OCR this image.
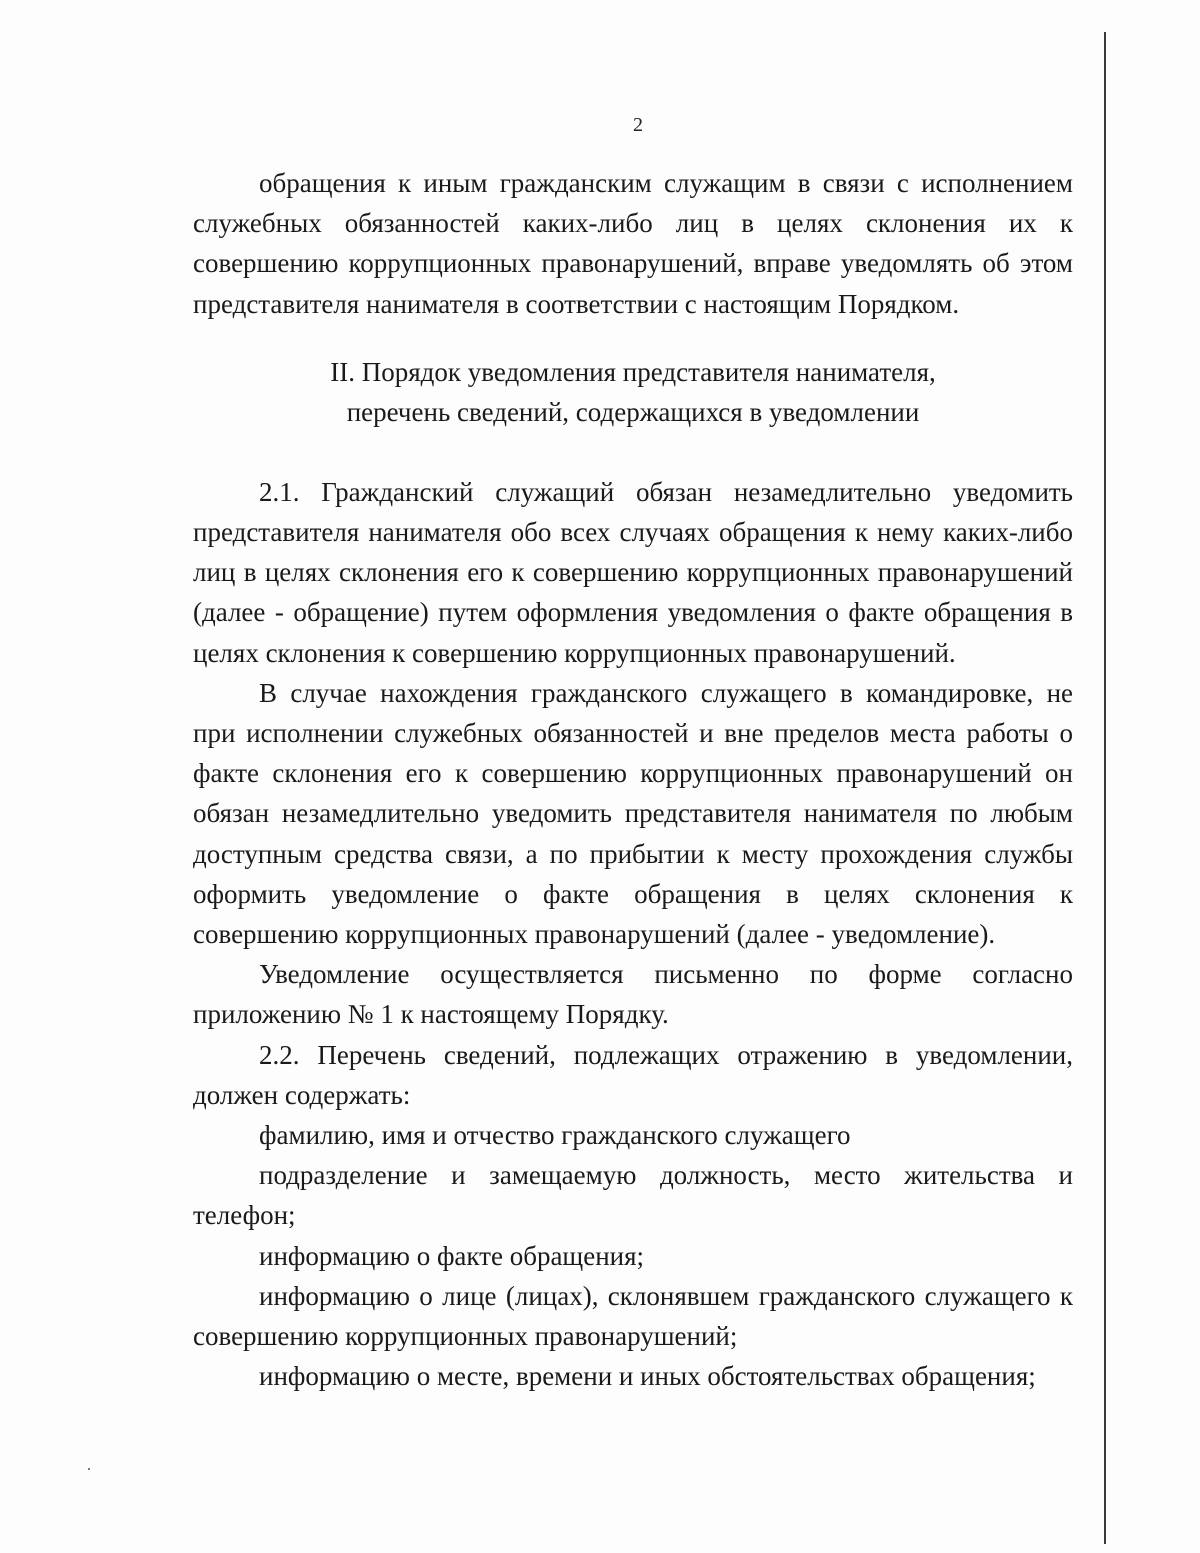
2

обращения к иным гражданским служащим в связи с исполнением служебных обязанностей каких-либо лиц в целях склонения их к совершению коррупционных правонарушений, вправе уведомлять об этом представителя нанимателя в соответствии с настоящим Порядком.

II. Порядок уведомления представителя нанимателя,

перечень сведений, содержащихся в уведомлении

2.1. Гражданский служащий обязан незамедлительно уведомить представителя нанимателя обо всех случаях обращения к нему каких-либо лиц в целях склонения его к совершению коррупционных правонарушений (далее - обращение) путем оформления уведомления о факте обращения в целях склонения к совершению коррупционных правонарушений.

В случае нахождения гражданского служащего в командировке, не при исполнении служебных обязанностей и вне пределов места работы о факте склонения его к совершению коррупционных правонарушений он обязан незамедлительно уведомить представителя нанимателя по любым доступным средства связи, а по прибытии к месту прохождения службы оформить уведомление о факте обращения в целях склонения к совершению коррупционных правонарушений (далее - уведомление).

Уведомление осуществляется письменно по форме согласно приложению № 1 к настоящему Порядку.

2.2. Перечень сведений, подлежащих отражению в уведомлении, должен содержать:

фамилию, имя и отчество гражданского служащего

подразделение и замещаемую должность, место жительства и телефон;

информацию о факте обращения;

информацию о лице (лицах), склонявшем гражданского служащего к совершению коррупционных правонарушений;

информацию о месте, времени и иных обстоятельствах обращения;
